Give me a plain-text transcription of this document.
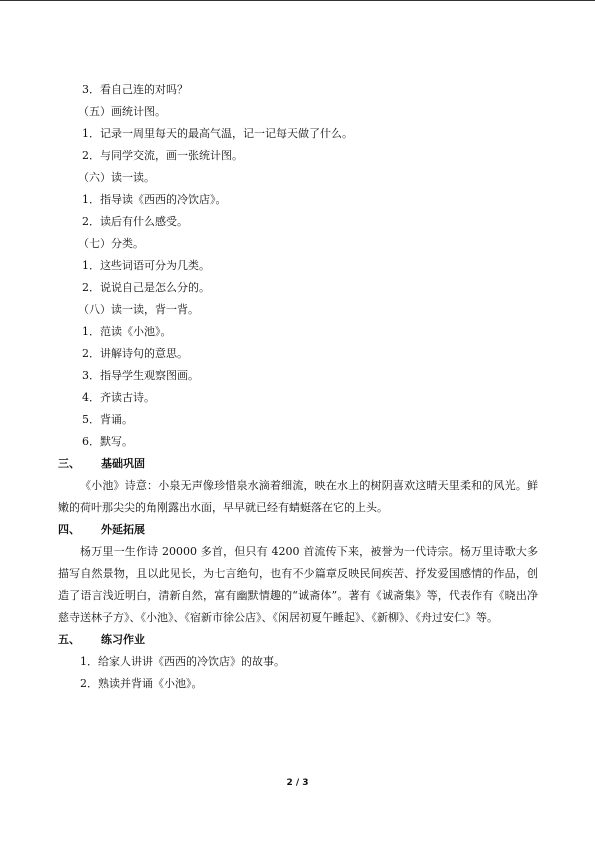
3．看自己连的对吗？
（五）画统计图。
1．记录一周里每天的最高气温，记一记每天做了什么。
2．与同学交流，画一张统计图。
（六）读一读。
1．指导读《西西的冷饮店》。
2．读后有什么感受。
（七）分类。
1．这些词语可分为几类。
2．说说自己是怎么分的。
（八）读一读，背一背。
1．范读《小池》。
2．讲解诗句的意思。
3．指导学生观察图画。
4．齐读古诗。
5．背诵。
6．默写。
三、	基础巩固

《小池》诗意：小泉无声像珍惜泉水滴着细流，映在水上的树阴喜欢这晴天里柔和的风光。鲜嫩的荷叶那尖尖的角刚露出水面，早早就已经有蜻蜓落在它的上头。

四、	外延拓展

杨万里一生作诗 20000 多首，但只有 4200 首流传下来，被誉为一代诗宗。杨万里诗歌大多描写自然景物，且以此见长，为七言绝句，也有不少篇章反映民间疾苦、抒发爱国感情的作品，创造了语言浅近明白，清新自然，富有幽默情趣的“诚斋体”。著有《诚斋集》等，代表作有《晓出净慈寺送林子方》、《小池》、《宿新市徐公店》、《闲居初夏午睡起》、《新柳》、《舟过安仁》等。

五、	练习作业
1．给家人讲讲《西西的冷饮店》的故事。
2．熟读并背诵《小池》。
2 / 3
